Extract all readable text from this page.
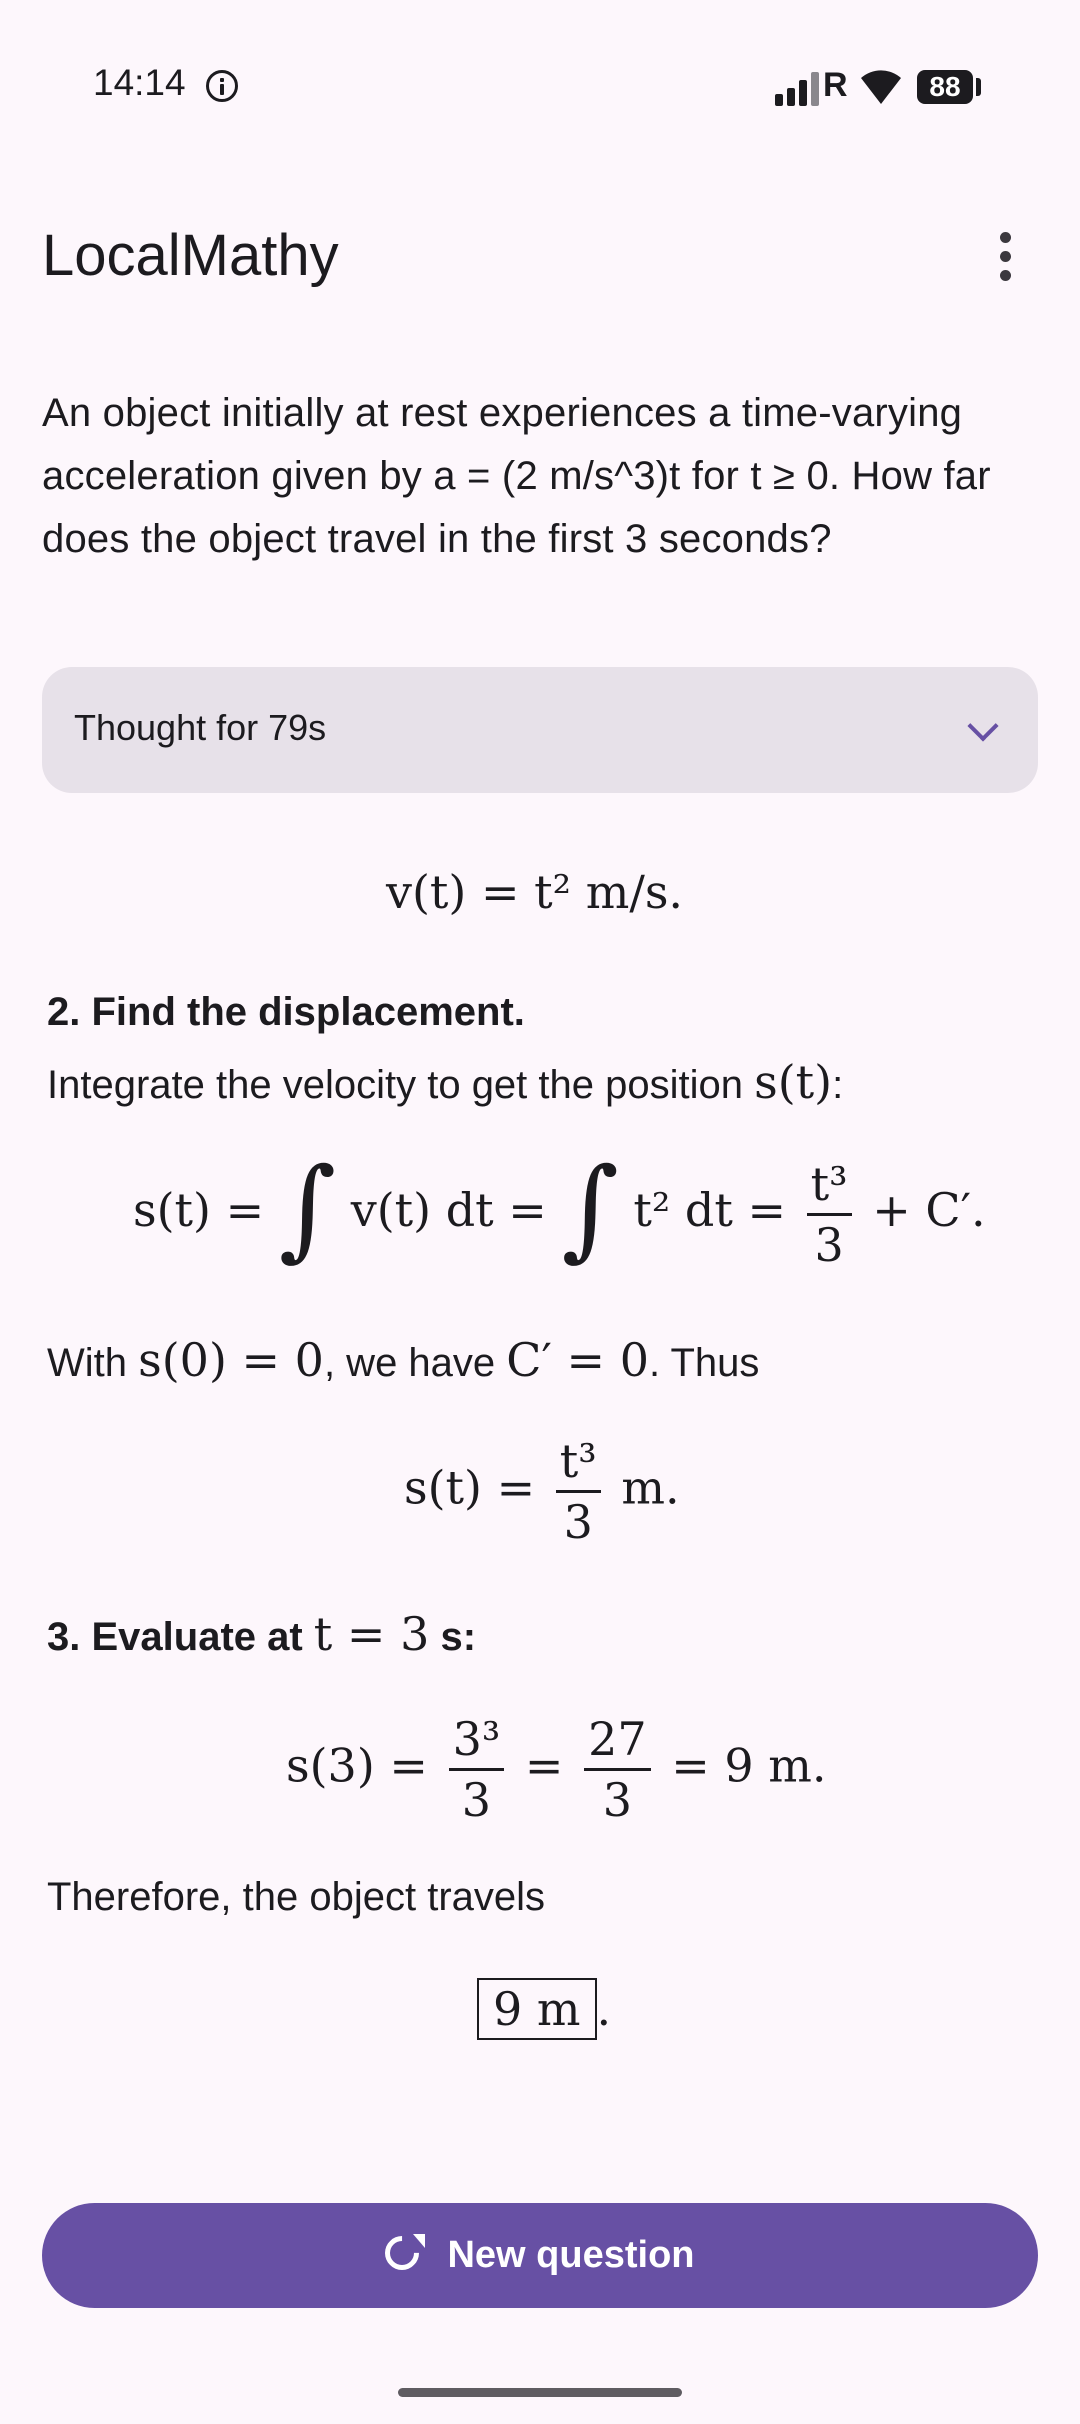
14:14	R	88
LocalMathy
An object initially at rest experiences a time-varying acceleration given by a = (2 m/s^3)t for t ≥ 0. How far does the object travel in the first 3 seconds?
Thought for 79s
v(t) = t² m/s.
2. Find the displacement.
Integrate the velocity to get the position s(t):
s(t) = ∫ v(t) dt = ∫ t² dt = $\frac{\text{t³}}{3} + C'$.
With s(0) = 0, we have C′ = 0. Thus
$s(t) = \frac{\text{t³}}{3} m$.
3. Evaluate at t = 3 s:
$s(3) = \frac{\text{3³}}{3} = \frac{27}{3} = 9$ m.
Therefore, the object travels
9 m .
New question
